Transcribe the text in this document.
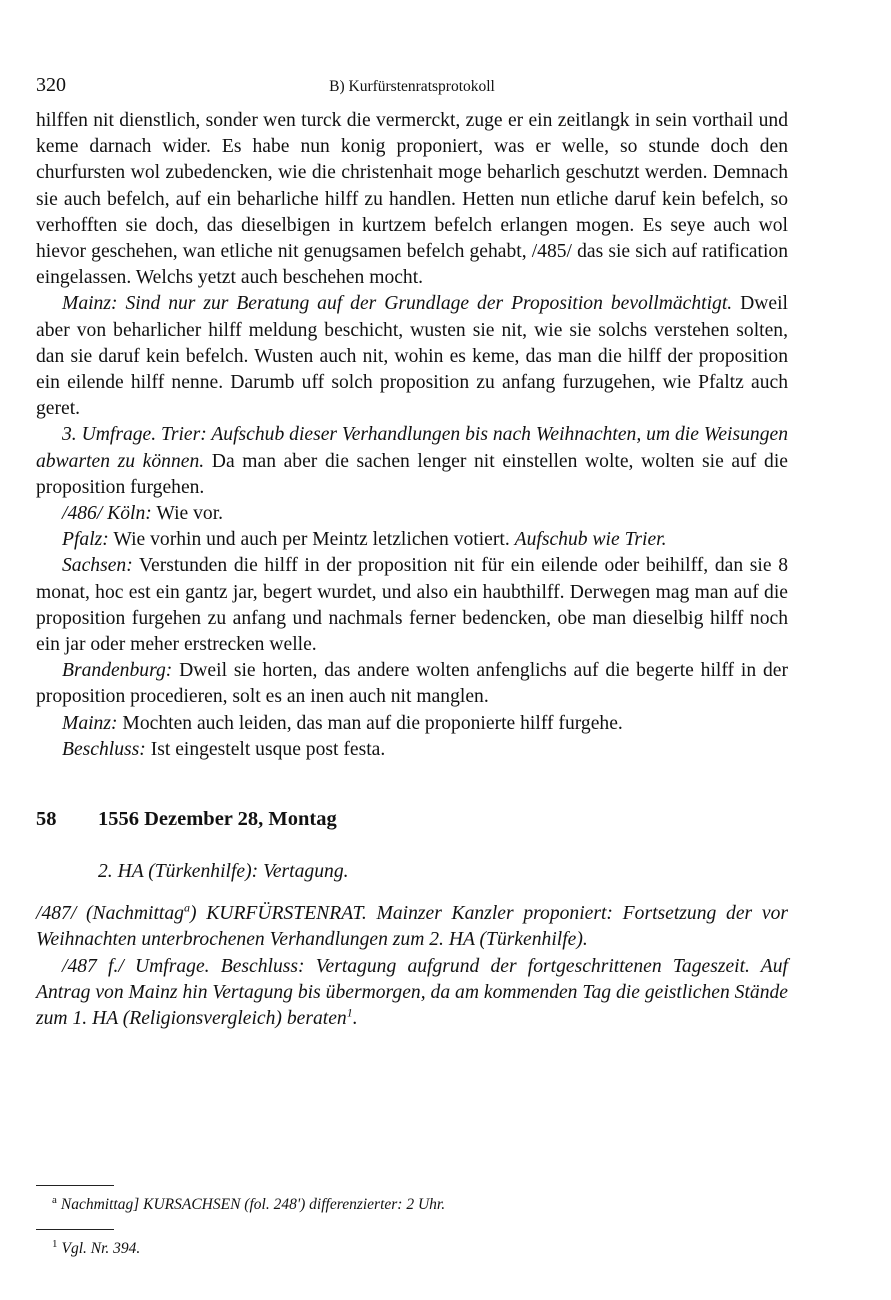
320	B) Kurfürstenratsprotokoll

hilffen nit dienstlich, sonder wen turck die vermerckt, zuge er ein zeitlangk in sein vorthail und keme darnach wider. Es habe nun konig proponiert, was er welle, so stunde doch den churfursten wol zubedencken, wie die christenhait moge beharlich geschutzt werden. Demnach sie auch befelch, auf ein beharliche hilff zu handlen. Hetten nun etliche daruf kein befelch, so verhofften sie doch, das dieselbigen in kurtzem befelch erlangen mogen. Es seye auch wol hievor geschehen, wan etliche nit genugsamen befelch gehabt, /485/ das sie sich auf ratification eingelassen. Welchs yetzt auch beschehen mocht.

Mainz: Sind nur zur Beratung auf der Grundlage der Proposition bevollmächtigt. Dweil aber von beharlicher hilff meldung beschicht, wusten sie nit, wie sie solchs verstehen solten, dan sie daruf kein befelch. Wusten auch nit, wohin es keme, das man die hilff der proposition ein eilende hilff nenne. Darumb uff solch proposition zu anfang furzugehen, wie Pfaltz auch geret.

3. Umfrage. Trier: Aufschub dieser Verhandlungen bis nach Weihnachten, um die Weisungen abwarten zu können. Da man aber die sachen lenger nit einstellen wolte, wolten sie auf die proposition furgehen.

/486/ Köln: Wie vor.

Pfalz: Wie vorhin und auch per Meintz letzlichen votiert. Aufschub wie Trier.

Sachsen: Verstunden die hilff in der proposition nit für ein eilende oder beihilff, dan sie 8 monat, hoc est ein gantz jar, begert wurdet, und also ein haubthilff. Derwegen mag man auf die proposition furgehen zu anfang und nachmals ferner bedencken, obe man dieselbig hilff noch ein jar oder meher erstrecken welle.

Brandenburg: Dweil sie horten, das andere wolten anfenglichs auf die begerte hilff in der proposition procedieren, solt es an inen auch nit manglen.

Mainz: Mochten auch leiden, das man auf die proponierte hilff furgehe.

Beschluss: Ist eingestelt usque post festa.

58	1556 Dezember 28, Montag
2. HA (Türkenhilfe): Vertagung.

/487/ (Nachmittag$^a$) KURFÜRSTENRAT. Mainzer Kanzler proponiert: Fortsetzung der vor Weihnachten unterbrochenen Verhandlungen zum 2. HA (Türkenhilfe).

/487 f./ Umfrage. Beschluss: Vertagung aufgrund der fortgeschrittenen Tageszeit. Auf Antrag von Mainz hin Vertagung bis übermorgen, da am kommenden Tag die geistlichen Stände zum 1. HA (Religionsvergleich) beraten$^1$.

$^a$ Nachmittag] KURSACHSEN (fol. 248') differenzierter: 2 Uhr.
$^1$ Vgl. Nr. 394.
